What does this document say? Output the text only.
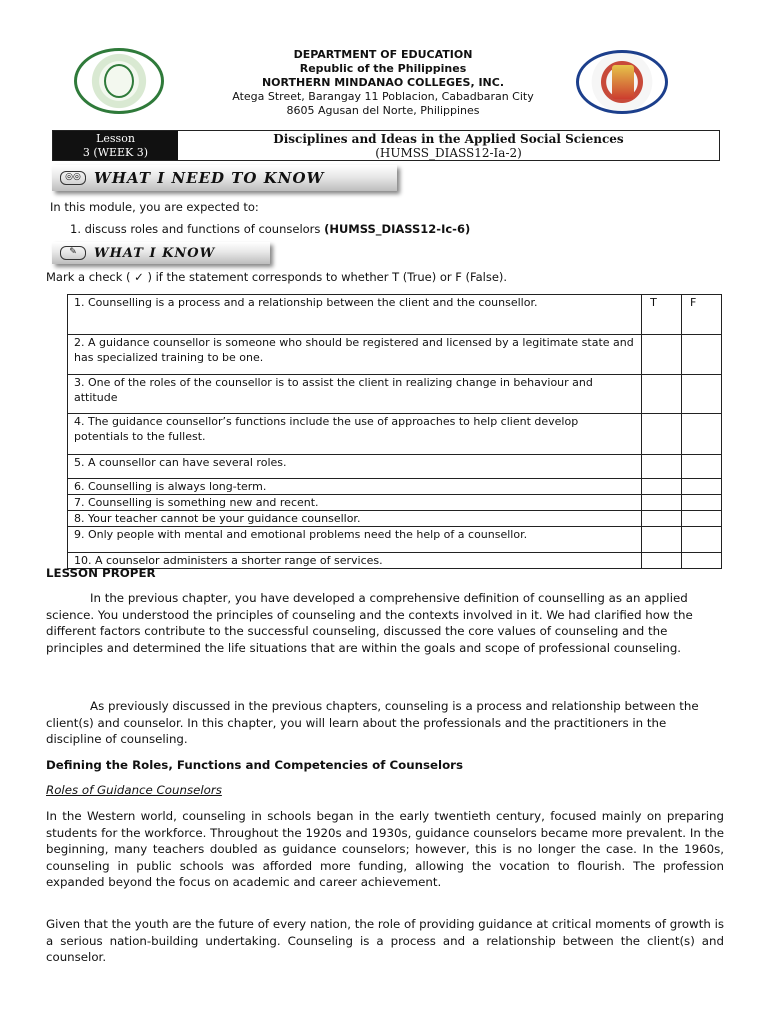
DEPARTMENT OF EDUCATION
Republic of the Philippines
NORTHERN MINDANAO COLLEGES, INC.
Atega Street, Barangay 11 Poblacion, Cabadbaran City
8605 Agusan del Norte, Philippines
Lesson
3 (WEEK 3)
Disciplines and Ideas in the Applied Social Sciences
(HUMSS_DIASS12-Ia-2)
◎◎ WHAT I NEED TO KNOW
In this module, you are expected to:
1. discuss roles and functions of counselors (HUMSS_DIASS12-Ic-6)
✎	WHAT I KNOW
Mark a check ( ✓ ) if the statement corresponds to whether T (True) or F (False).
1. Counselling is a process and a relationship between the client and the counsellor.	T	F
2. A guidance counsellor is someone who should be registered and licensed by a legitimate state and has specialized training to be one.		
3. One of the roles of the counsellor is to assist the client in realizing change in behaviour and attitude		
4. The guidance counsellor’s functions include the use of approaches to help client develop potentials to the fullest.		
5. A counsellor can have several roles.		
6. Counselling is always long-term.		
7. Counselling is something new and recent.		
8. Your teacher cannot be your guidance counsellor.		
9. Only people with mental and emotional problems need the help of a counsellor.		
10. A counselor administers a shorter range of services.		
LESSON PROPER
In the previous chapter, you have developed a comprehensive definition of counselling as an applied science. You understood the principles of counseling and the contexts involved in it. We had clarified how the different factors contribute to the successful counseling, discussed the core values of counseling and the principles and determined the life situations that are within the goals and scope of professional counseling.
As previously discussed in the previous chapters, counseling is a process and relationship between the client(s) and counselor. In this chapter, you will learn about the professionals and the practitioners in the discipline of counseling.
Defining the Roles, Functions and Competencies of Counselors
Roles of Guidance Counselors
In the Western world, counseling in schools began in the early twentieth century, focused mainly on preparing students for the workforce. Throughout the 1920s and 1930s, guidance counselors became more prevalent. In the beginning, many teachers doubled as guidance counselors; however, this is no longer the case. In the 1960s, counseling in public schools was afforded more funding, allowing the vocation to flourish. The profession expanded beyond the focus on academic and career achievement.
Given that the youth are the future of every nation, the role of providing guidance at critical moments of growth is a serious nation-building undertaking. Counseling is a process and a relationship between the client(s) and counselor.
